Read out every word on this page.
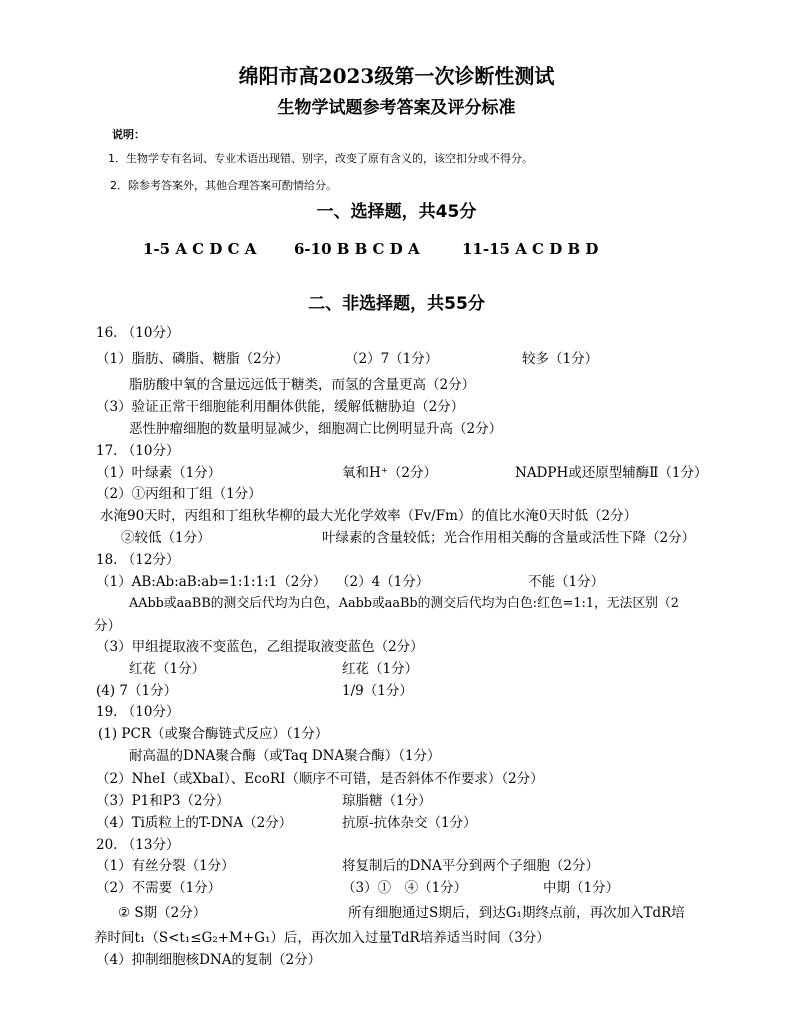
绵阳市高2023级第一次诊断性测试
生物学试题参考答案及评分标准
说明：
1．生物学专有名词、专业术语出现错、别字，改变了原有含义的，该空扣分或不得分。
2．除参考答案外，其他合理答案可酌情给分。
一、选择题，共45分
1-5 A C D C A	6-10 B B C D A	11-15 A C D B D
二、非选择题，共55分
16. （10分）
（1）脂肪、磷脂、糖脂（2分）	（2）7（1分）	较多（1分）
脂肪酸中氧的含量远远低于糖类，而氢的含量更高（2分）
（3）验证正常干细胞能利用酮体供能，缓解低糖胁迫（2分）
恶性肿瘤细胞的数量明显减少，细胞凋亡比例明显升高（2分）
17. （10分）
（1）叶绿素（1分）	氧和H⁺（2分）	NADPH或还原型辅酶Ⅱ（1分）
（2）①丙组和丁组（1分）
水淹90天时，丙组和丁组秋华柳的最大光化学效率（Fv/Fm）的值比水淹0天时低（2分）
②较低（1分）	叶绿素的含量较低；光合作用相关酶的含量或活性下降（2分）
18. （12分）
（1）AB:Ab:aB:ab=1:1:1:1（2分） （2）4（1分）	不能（1分）
AAbb或aaBB的测交后代均为白色，Aabb或aaBb的测交后代均为白色:红色=1:1，无法区别（2
分）
（3）甲组提取液不变蓝色，乙组提取液变蓝色（2分）
红花（1分）	红花（1分）
(4) 7（1分）	1/9（1分）
19. （10分）
(1) PCR（或聚合酶链式反应）（1分）
耐高温的DNA聚合酶（或Taq DNA聚合酶）（1分）
（2）NheⅠ（或XbaⅠ）、EcoRⅠ（顺序不可错，是否斜体不作要求）（2分）
（3）P1和P3（2分）	琼脂糖（1分）
（4）Ti质粒上的T-DNA（2分）	抗原-抗体杂交（1分）
20. （13分）
（1）有丝分裂（1分）	将复制后的DNA平分到两个子细胞（2分）
（2）不需要（1分）	（3）①　④（1分）	中期（1分）
② S期（2分）	所有细胞通过S期后，到达G₁期终点前，再次加入TdR培
养时间t₁（S<t₁≤G₂+M+G₁）后，再次加入过量TdR培养适当时间（3分）
（4）抑制细胞核DNA的复制（2分）
